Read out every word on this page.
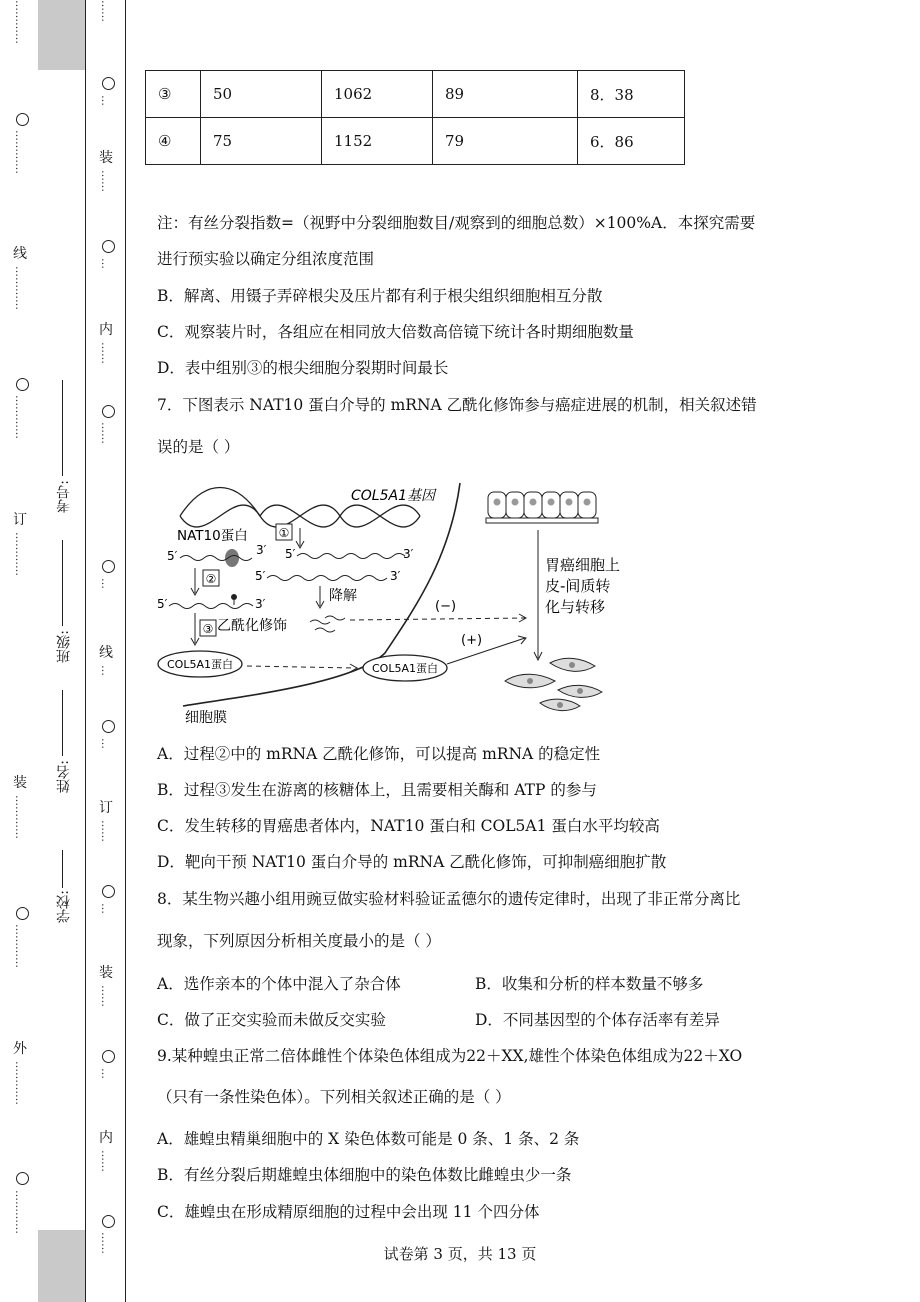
…………
…………
线
…………
…………
订
…………
装
…………
…………
外
…………
…………
学校:
姓名:
班级:
考号:
……
…
装
……
…
内
……
……
…
线
…
…
订
……
…
装
……
…
内
……
……
③	50	1062	89	8．38
④	75	1152	79	6．86
注：有丝分裂指数=（视野中分裂细胞数目/观察到的细胞总数）×100%A．本探究需要
进行预实验以确定分组浓度范围
B．解离、用镊子弄碎根尖及压片都有利于根尖组织细胞相互分散
C．观察装片时，各组应在相同放大倍数高倍镜下统计各时期细胞数量
D．表中组别③的根尖细胞分裂期时间最长
7．下图表示 NAT10 蛋白介导的 mRNA 乙酰化修饰参与癌症进展的机制，相关叙述错
误的是（ ）
COL5A1基因
NAT10蛋白	①
5′	3′ 5′	3′
5′	3′
②
5′	3′	降解
③ 乙酰化修饰
COL5A1蛋白	COL5A1蛋白
(−)
(+)
细胞膜
胃癌细胞上
皮-间质转
化与转移
A．过程②中的 mRNA 乙酰化修饰，可以提高 mRNA 的稳定性
B．过程③发生在游离的核糖体上，且需要相关酶和 ATP 的参与
C．发生转移的胃癌患者体内，NAT10 蛋白和 COL5A1 蛋白水平均较高
D．靶向干预 NAT10 蛋白介导的 mRNA 乙酰化修饰，可抑制癌细胞扩散
8．某生物兴趣小组用豌豆做实验材料验证孟德尔的遗传定律时，出现了非正常分离比
现象，下列原因分析相关度最小的是（ ）
A．选作亲本的个体中混入了杂合体	B．收集和分析的样本数量不够多
C．做了正交实验而未做反交实验	D．不同基因型的个体存活率有差异
9.某种蝗虫正常二倍体雌性个体染色体组成为22＋XX,雄性个体染色体组成为22＋XO
（只有一条性染色体）。下列相关叙述正确的是（ ）
A．雄蝗虫精巢细胞中的 X 染色体数可能是 0 条、1 条、2 条
B．有丝分裂后期雄蝗虫体细胞中的染色体数比雌蝗虫少一条
C．雄蝗虫在形成精原细胞的过程中会出现 11 个四分体
试卷第 3 页，共 13 页
